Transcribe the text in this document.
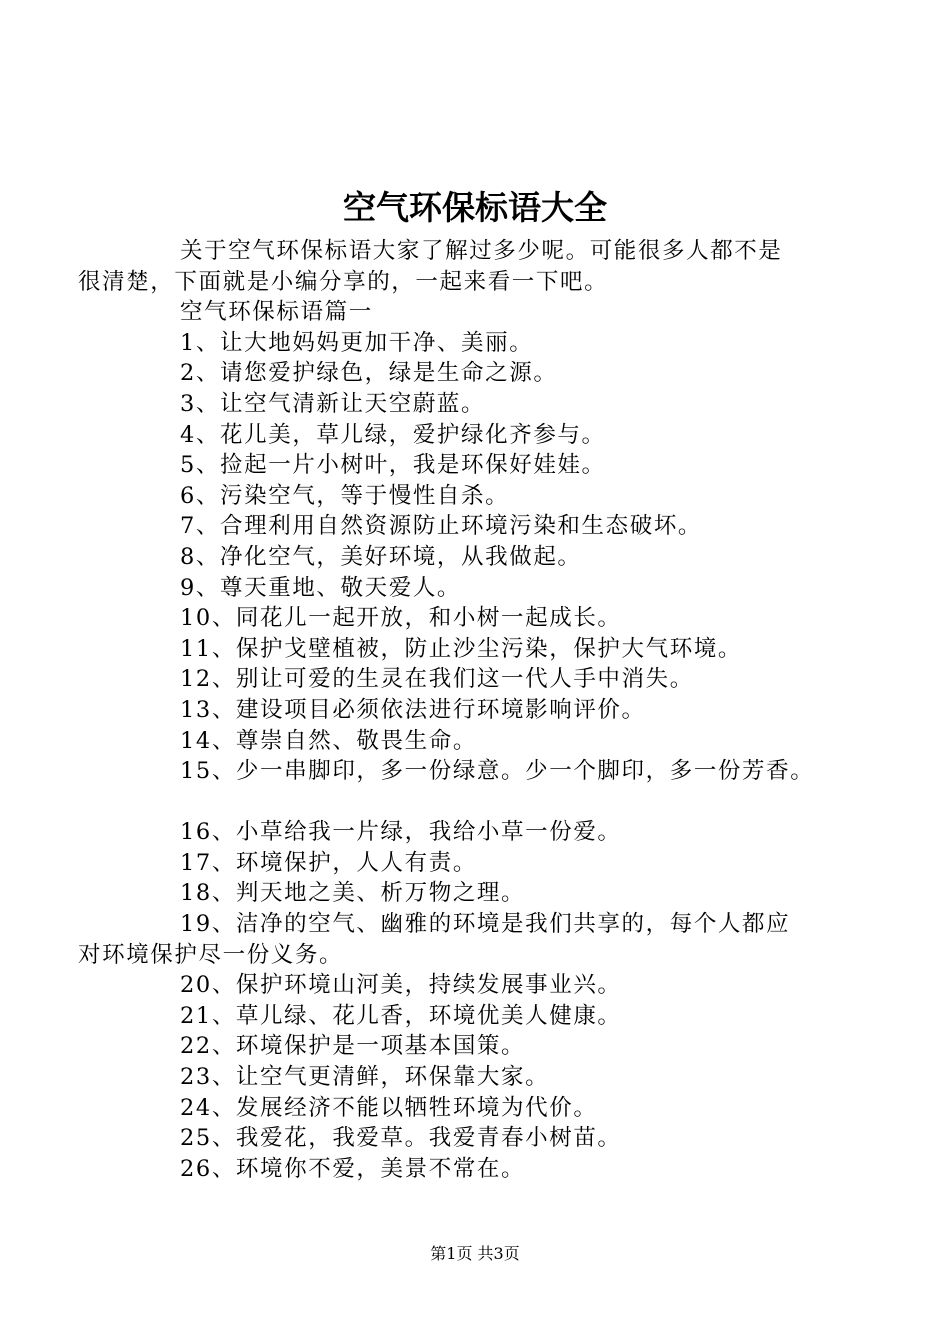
空气环保标语大全

关于空气环保标语大家了解过多少呢。可能很多人都不是
很清楚，下面就是小编分享的，一起来看一下吧。

空气环保标语篇一

1、让大地妈妈更加干净、美丽。

2、请您爱护绿色，绿是生命之源。

3、让空气清新让天空蔚蓝。

4、花儿美，草儿绿，爱护绿化齐参与。

5、捡起一片小树叶，我是环保好娃娃。

6、污染空气，等于慢性自杀。

7、合理利用自然资源防止环境污染和生态破坏。

8、净化空气，美好环境，从我做起。

9、尊天重地、敬天爱人。

10、同花儿一起开放，和小树一起成长。

11、保护戈壁植被，防止沙尘污染，保护大气环境。

12、别让可爱的生灵在我们这一代人手中消失。

13、建设项目必须依法进行环境影响评价。

14、尊崇自然、敬畏生命。

15、少一串脚印，多一份绿意。少一个脚印，多一份芳香。

16、小草给我一片绿，我给小草一份爱。

17、环境保护，人人有责。

18、判天地之美、析万物之理。

19、洁净的空气、幽雅的环境是我们共享的，每个人都应
对环境保护尽一份义务。

20、保护环境山河美，持续发展事业兴。

21、草儿绿、花儿香，环境优美人健康。

22、环境保护是一项基本国策。

23、让空气更清鲜，环保靠大家。

24、发展经济不能以牺牲环境为代价。

25、我爱花，我爱草。我爱青春小树苗。

26、环境你不爱，美景不常在。

第1页 共3页
